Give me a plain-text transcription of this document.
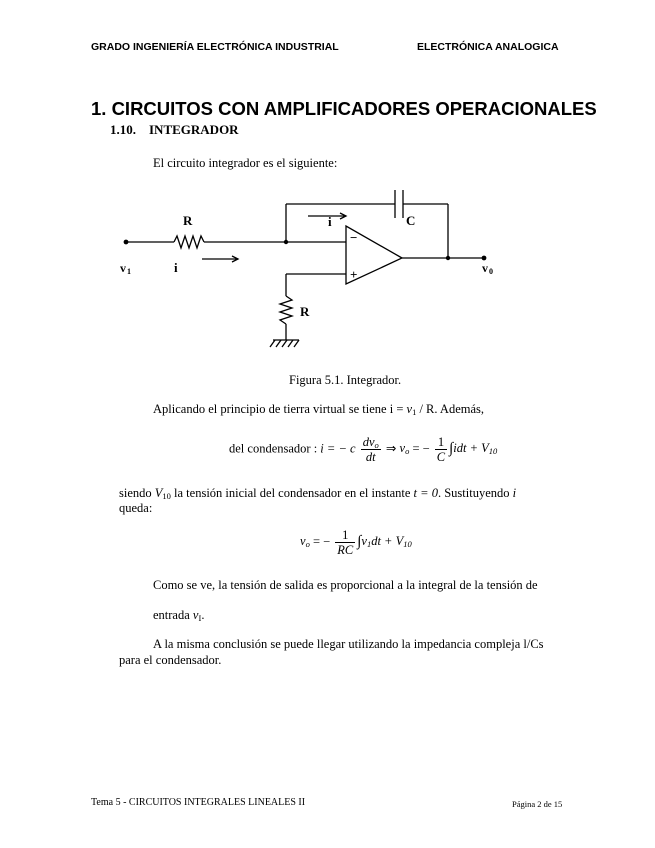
GRADO INGENIERÍA ELECTRÓNICA INDUSTRIAL	ELECTRÓNICA ANALOGICA
1. CIRCUITOS CON AMPLIFICADORES OPERACIONALES
1.10. INTEGRADOR
El circuito integrador es el siguiente:
R	C
i
i
v 1	v 0
R
−
+
Figura 5.1. Integrador.
Aplicando el principio de tierra virtual se tiene $i = v_1 / R$. Además,
del condensador : i = − c $\frac{dv_o}{dt}$ ⇒ $v_o$ = − $\frac{1}{C} \int idt + V_{10}$
siendo $V_{10}$ la tensión inicial del condensador en el instante t = 0. Sustituyendo i
queda:
$v_o$ = − $\frac{1}{RC} \int v_1dt + V_{10}$
Como se ve, la tensión de salida es proporcional a la integral de la tensión de
entrada $v_I$.
A la misma conclusión se puede llegar utilizando la impedancia compleja l/Cs
para el condensador.
Tema 5 - CIRCUITOS INTEGRALES LINEALES II	Página 2 de 15
